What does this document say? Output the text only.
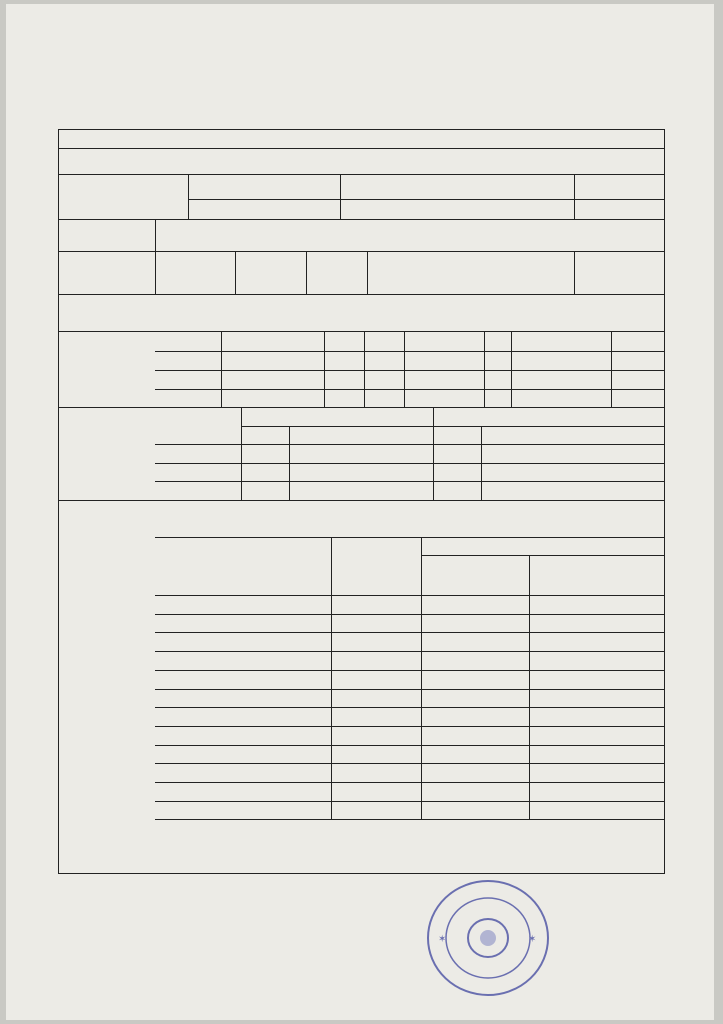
✶	✶
